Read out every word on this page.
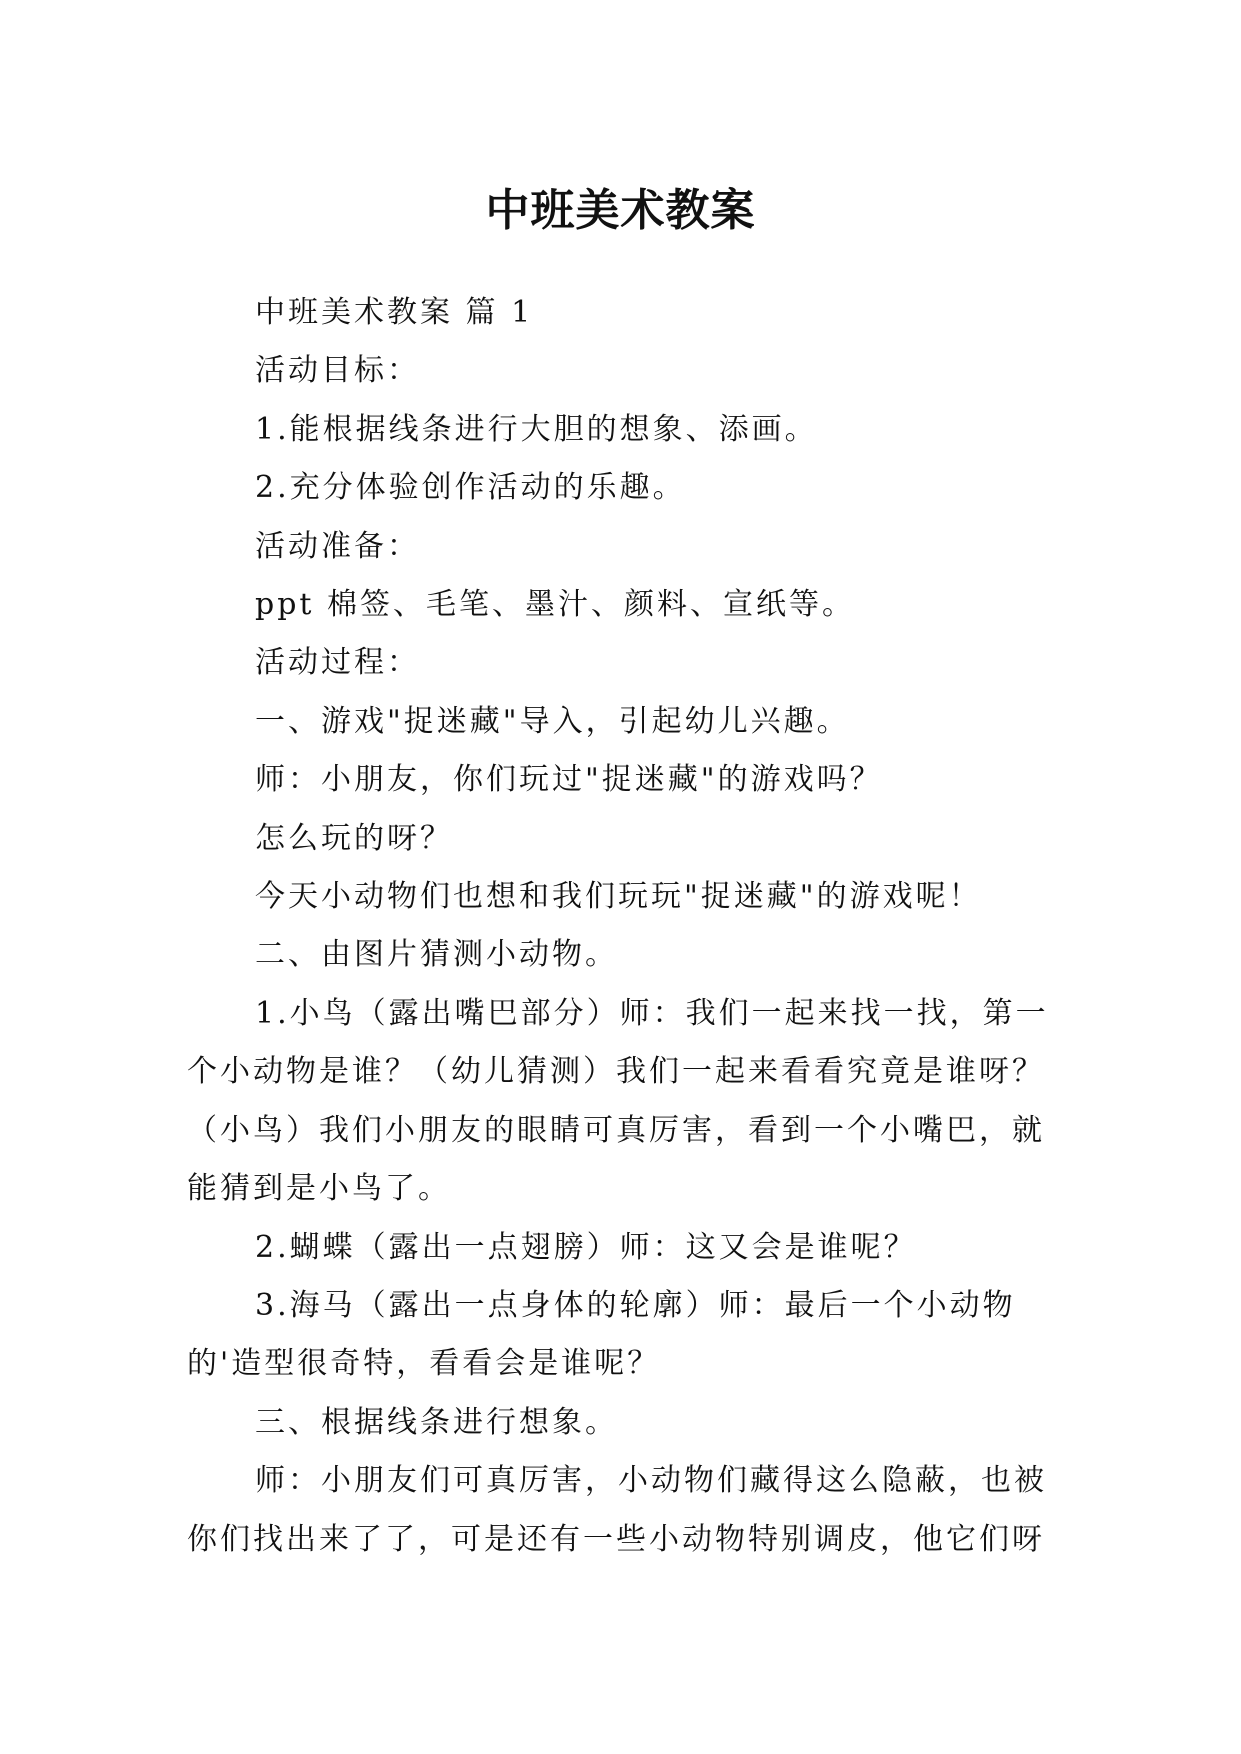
中班美术教案

中班美术教案 篇 1

活动目标：

1.能根据线条进行大胆的想象、添画。

2.充分体验创作活动的乐趣。

活动准备：

ppt 棉签、毛笔、墨汁、颜料、宣纸等。

活动过程：

一、游戏"捉迷藏"导入，引起幼儿兴趣。

师：小朋友，你们玩过"捉迷藏"的游戏吗？

怎么玩的呀？

今天小动物们也想和我们玩玩"捉迷藏"的游戏呢！

二、由图片猜测小动物。

1.小鸟（露出嘴巴部分）师：我们一起来找一找，第一个小动物是谁？（幼儿猜测）我们一起来看看究竟是谁呀？（小鸟）我们小朋友的眼睛可真厉害，看到一个小嘴巴，就能猜到是小鸟了。

2.蝴蝶（露出一点翅膀）师：这又会是谁呢？

3.海马（露出一点身体的轮廓）师：最后一个小动物的'造型很奇特，看看会是谁呢？

三、根据线条进行想象。

师：小朋友们可真厉害，小动物们藏得这么隐蔽，也被你们找出来了了，可是还有一些小动物特别调皮，他它们呀
